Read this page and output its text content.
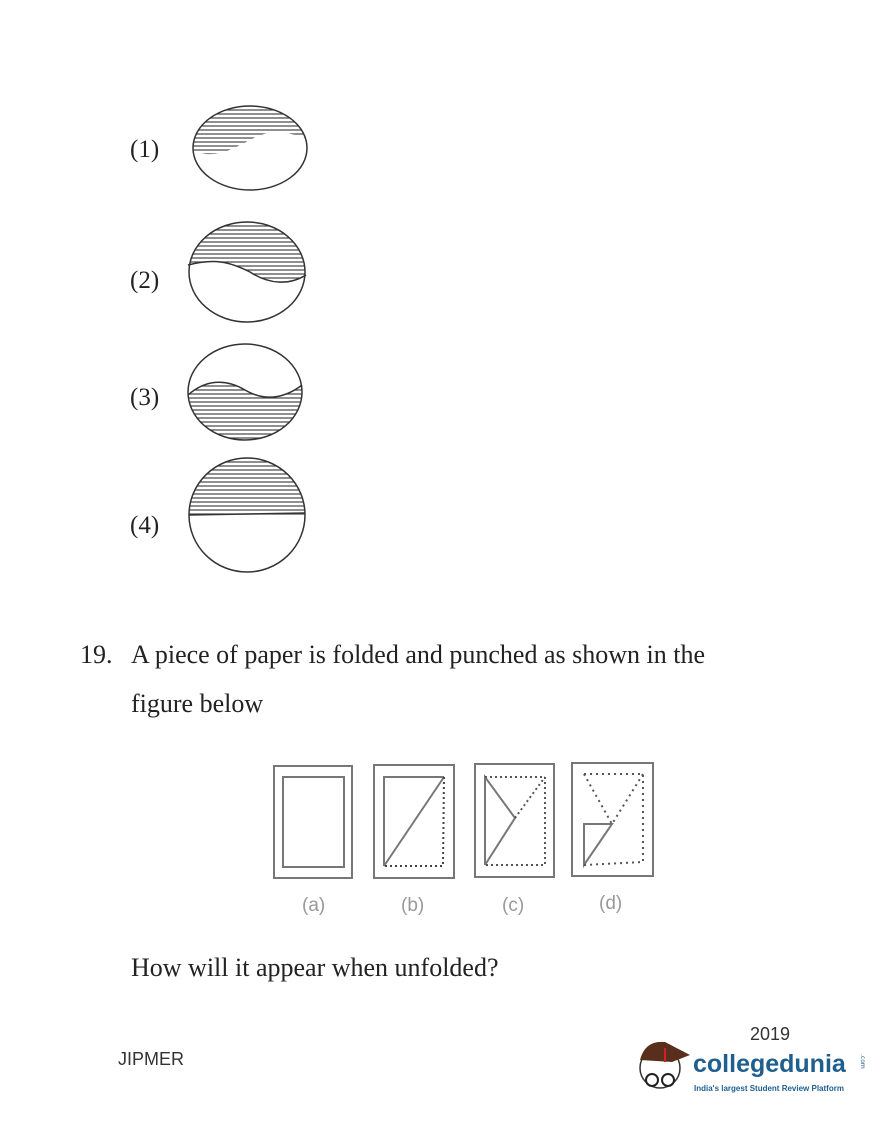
(1)
(2)
(3)
(4)
19. A piece of paper is folded and punched as shown in the
figure below
(a)	(b)	(c)	(d)
How will it appear when unfolded?
JIPMER
2019
collegedunia .com
India's largest Student Review Platform
